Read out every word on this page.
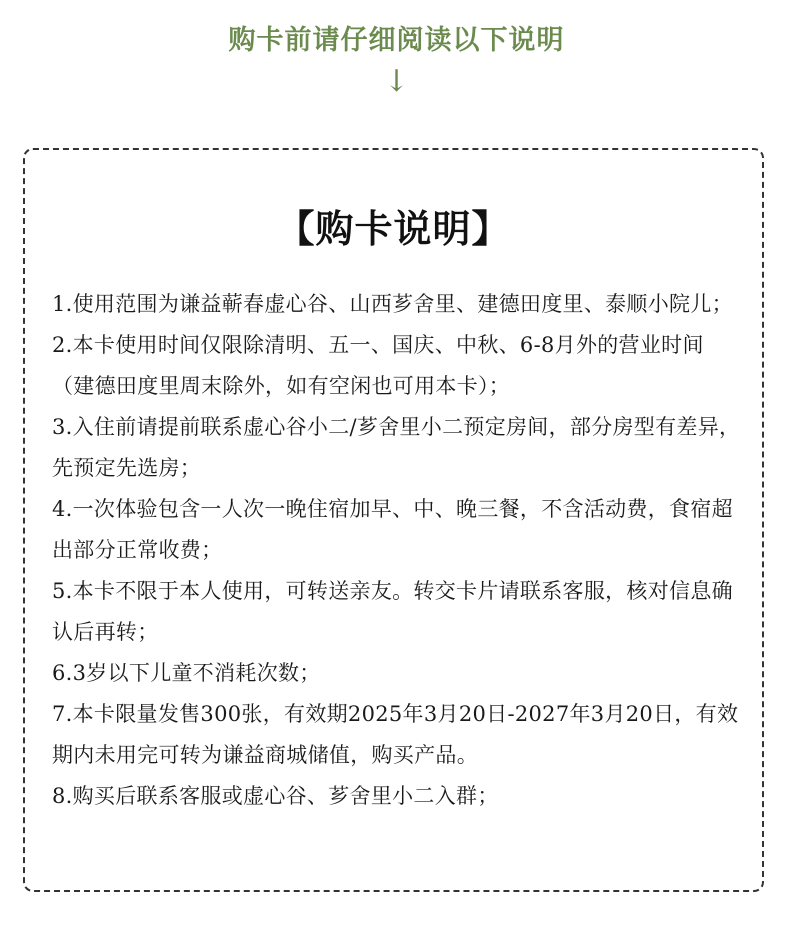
购卡前请仔细阅读以下说明
↓
【购卡说明】
1.使用范围为谦益蕲春虚心谷、山西芗舍里、建德田度里、泰顺小院儿；
2.本卡使用时间仅限除清明、五一、国庆、中秋、6-8月外的营业时间（建德田度里周末除外，如有空闲也可用本卡）；
3.入住前请提前联系虚心谷小二/芗舍里小二预定房间，部分房型有差异，先预定先选房；
4.一次体验包含一人次一晚住宿加早、中、晚三餐，不含活动费，食宿超出部分正常收费；
5.本卡不限于本人使用，可转送亲友。转交卡片请联系客服，核对信息确认后再转；
6.3岁以下儿童不消耗次数；
7.本卡限量发售300张，有效期2025年3月20日-2027年3月20日，有效期内未用完可转为谦益商城储值，购买产品。
8.购买后联系客服或虚心谷、芗舍里小二入群；
